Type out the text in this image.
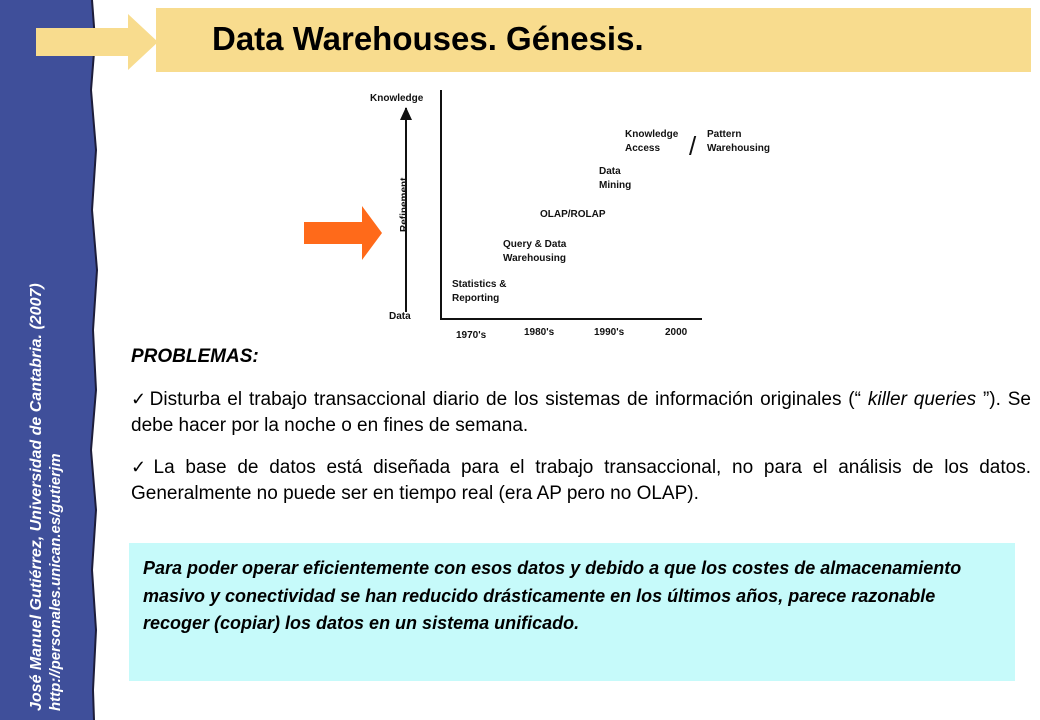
José Manuel Gutiérrez, Universidad de Cantabria. (2007) http://personales.unican.es/gutierjm
Data Warehouses. Génesis.
Knowledge
Data
Refinement
1970's	1980's	1990's	2000
Statistics &
Reporting
Query & Data
Warehousing
OLAP/ROLAP
Data
Mining
Knowledge
Access
Pattern
Warehousing
/
PROBLEMAS:

✓ Disturba el trabajo transaccional diario de los sistemas de información originales (“ killer queries ”). Se debe hacer por la noche o en fines de semana.

✓ La base de datos está diseñada para el trabajo transaccional, no para el análisis de los datos. Generalmente no puede ser en tiempo real (era AP pero no OLAP).

Para poder operar eficientemente con esos datos y debido a que los costes de almacenamiento masivo y conectividad se han reducido drásticamente en los últimos años, parece razonable recoger (copiar) los datos en un sistema unificado.
